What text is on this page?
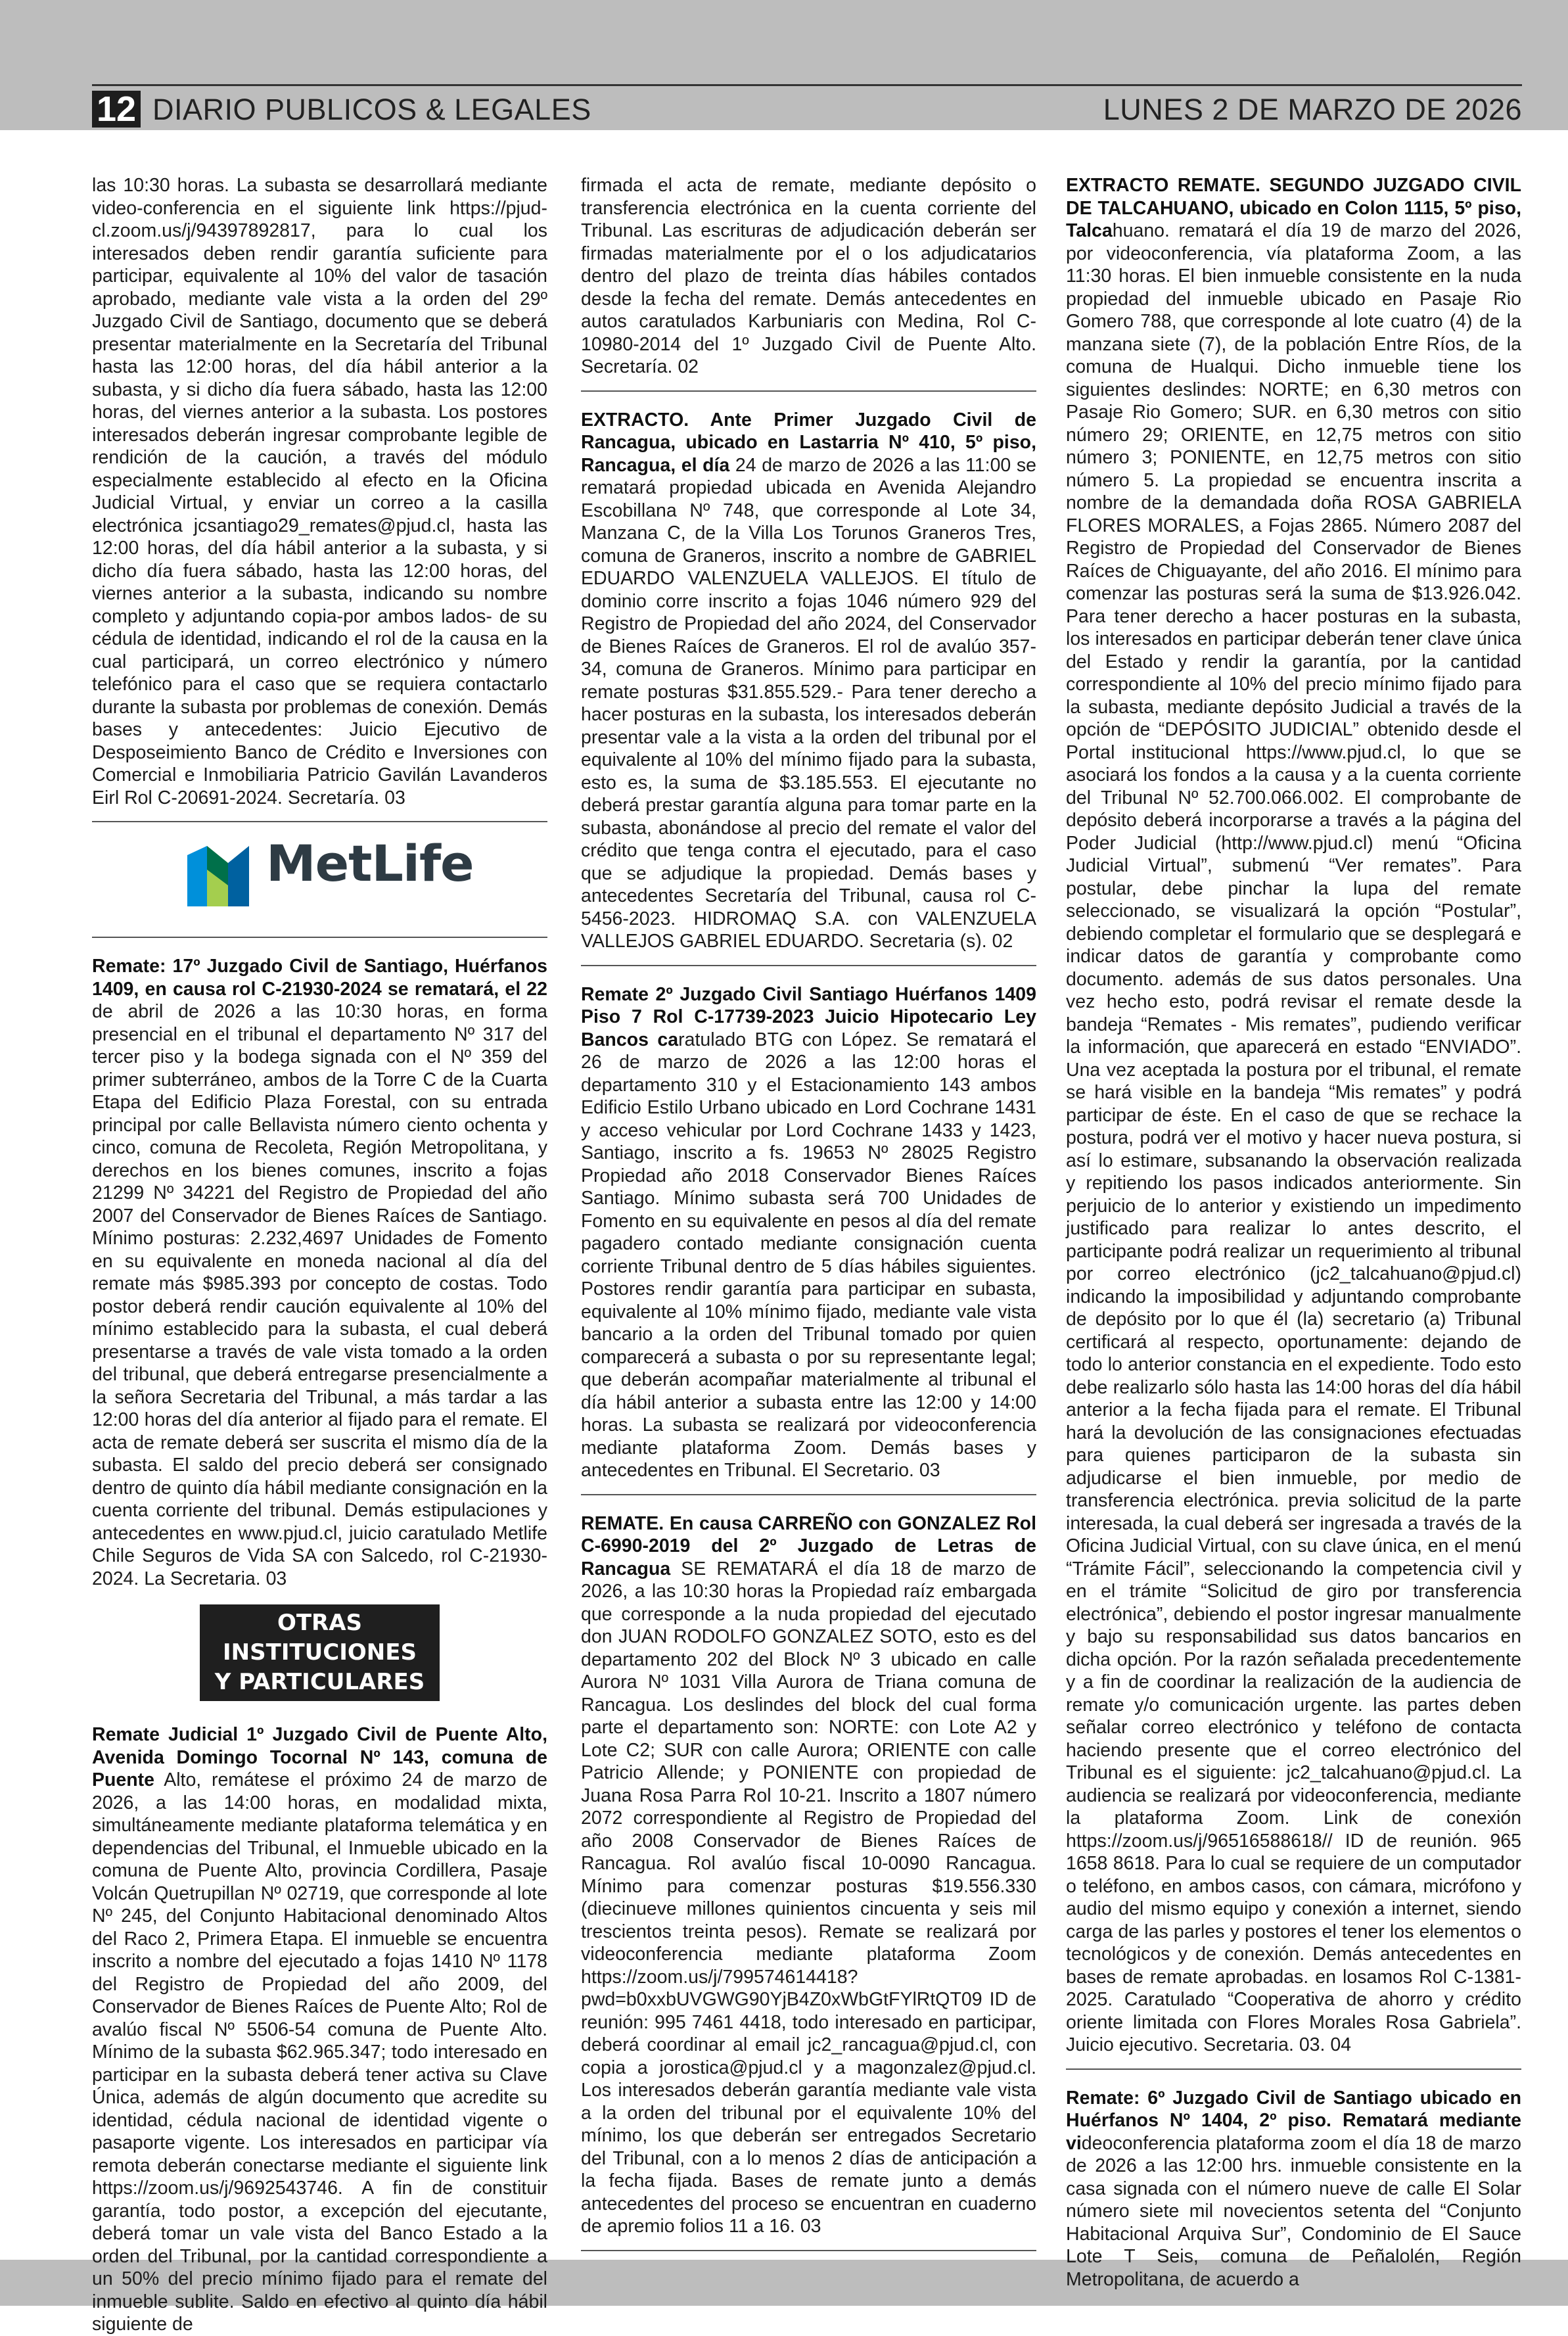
12 DIARIO PUBLICOS & LEGALES	LUNES 2 DE MARZO DE 2026

las 10:30 horas. La subasta se desarrollará mediante video-conferencia en el siguiente link https://pjud-cl.zoom.us/j/94397892817, para lo cual los interesados deben rendir garantía suficiente para participar, equivalente al 10% del valor de tasación aprobado, mediante vale vista a la orden del 29º Juzgado Civil de Santiago, documento que se deberá presentar materialmente en la Secretaría del Tribunal hasta las 12:00 horas, del día hábil anterior a la subasta, y si dicho día fuera sábado, hasta las 12:00 horas, del viernes anterior a la subasta. Los postores interesados deberán ingresar comprobante legible de rendición de la caución, a través del módulo especialmente establecido al efecto en la Oficina Judicial Virtual, y enviar un correo a la casilla electrónica jcsantiago29_remates@pjud.cl, hasta las 12:00 horas, del día hábil anterior a la subasta, y si dicho día fuera sábado, hasta las 12:00 horas, del viernes anterior a la subasta, indicando su nombre completo y adjuntando copia-por ambos lados- de su cédula de identidad, indicando el rol de la causa en la cual participará, un correo electrónico y número telefónico para el caso que se requiera contactarlo durante la subasta por problemas de conexión. Demás bases y antecedentes: Juicio Ejecutivo de Desposeimiento Banco de Crédito e Inversiones con Comercial e Inmobiliaria Patricio Gavilán Lavanderos Eirl Rol C-20691-2024. Secretaría. 03

MetLife

Remate: 17º Juzgado Civil de Santiago, Huérfanos 1409, en causa rol C-21930-2024 se rematará, el 22 de abril de 2026 a las 10:30 horas, en forma presencial en el tribunal el departamento Nº 317 del tercer piso y la bodega signada con el Nº 359 del primer subterráneo, ambos de la Torre C de la Cuarta Etapa del Edificio Plaza Forestal, con su entrada principal por calle Bellavista número ciento ochenta y cinco, comuna de Recoleta, Región Metropolitana, y derechos en los bienes comunes, inscrito a fojas 21299 Nº 34221 del Registro de Propiedad del año 2007 del Conservador de Bienes Raíces de Santiago. Mínimo posturas: 2.232,4697 Unidades de Fomento en su equivalente en moneda nacional al día del remate más $985.393 por concepto de costas. Todo postor deberá rendir caución equivalente al 10% del mínimo establecido para la subasta, el cual deberá presentarse a través de vale vista tomado a la orden del tribunal, que deberá entregarse presencialmente a la señora Secretaria del Tribunal, a más tardar a las 12:00 horas del día anterior al fijado para el remate. El acta de remate deberá ser suscrita el mismo día de la subasta. El saldo del precio deberá ser consignado dentro de quinto día hábil mediante consignación en la cuenta corriente del tribunal. Demás estipulaciones y antecedentes en www.pjud.cl, juicio caratulado Metlife Chile Seguros de Vida SA con Salcedo, rol C-21930-2024. La Secretaria. 03

OTRAS INSTITUCIONES
Y PARTICULARES

Remate Judicial 1º Juzgado Civil de Puente Alto, Avenida Domingo Tocornal Nº 143, comuna de Puente Alto, remátese el próximo 24 de marzo de 2026, a las 14:00 horas, en modalidad mixta, simultáneamente mediante plataforma telemática y en dependencias del Tribunal, el Inmueble ubicado en la comuna de Puente Alto, provincia Cordillera, Pasaje Volcán Quetrupillan Nº 02719, que corresponde al lote Nº 245, del Conjunto Habitacional denominado Altos del Raco 2, Primera Etapa. El inmueble se encuentra inscrito a nombre del ejecutado a fojas 1410 Nº 1178 del Registro de Propiedad del año 2009, del Conservador de Bienes Raíces de Puente Alto; Rol de avalúo fiscal Nº 5506-54 comuna de Puente Alto. Mínimo de la subasta $62.965.347; todo interesado en participar en la subasta deberá tener activa su Clave Única, además de algún documento que acredite su identidad, cédula nacional de identidad vigente o pasaporte vigente. Los interesados en participar vía remota deberán conectarse mediante el siguiente link https://zoom.us/j/9692543746. A fin de constituir garantía, todo postor, a excepción del ejecutante, deberá tomar un vale vista del Banco Estado a la orden del Tribunal, por la cantidad correspondiente a un 50% del precio mínimo fijado para el remate del inmueble sublite. Saldo en efectivo al quinto día hábil siguiente de

firmada el acta de remate, mediante depósito o transferencia electrónica en la cuenta corriente del Tribunal. Las escrituras de adjudicación deberán ser firmadas materialmente por el o los adjudicatarios dentro del plazo de treinta días hábiles contados desde la fecha del remate. Demás antecedentes en autos caratulados Karbuniaris con Medina, Rol C-10980-2014 del 1º Juzgado Civil de Puente Alto. Secretaría. 02

EXTRACTO. Ante Primer Juzgado Civil de Rancagua, ubicado en Lastarria Nº 410, 5º piso, Rancagua, el día 24 de marzo de 2026 a las 11:00 se rematará propiedad ubicada en Avenida Alejandro Escobillana Nº 748, que corresponde al Lote 34, Manzana C, de la Villa Los Torunos Graneros Tres, comuna de Graneros, inscrito a nombre de GABRIEL EDUARDO VALENZUELA VALLEJOS. El título de dominio corre inscrito a fojas 1046 número 929 del Registro de Propiedad del año 2024, del Conservador de Bienes Raíces de Graneros. El rol de avalúo 357- 34, comuna de Graneros. Mínimo para participar en remate posturas $31.855.529.- Para tener derecho a hacer posturas en la subasta, los interesados deberán presentar vale a la vista a la orden del tribunal por el equivalente al 10% del mínimo fijado para la subasta, esto es, la suma de $3.185.553. El ejecutante no deberá prestar garantía alguna para tomar parte en la subasta, abonándose al precio del remate el valor del crédito que tenga contra el ejecutado, para el caso que se adjudique la propiedad. Demás bases y antecedentes Secretaría del Tribunal, causa rol C-5456-2023. HIDROMAQ S.A. con VALENZUELA VALLEJOS GABRIEL EDUARDO. Secretaria (s). 02

Remate 2º Juzgado Civil Santiago Huérfanos 1409 Piso 7 Rol C-17739-2023 Juicio Hipotecario Ley Bancos caratulado BTG con López. Se rematará el 26 de marzo de 2026 a las 12:00 horas el departamento 310 y el Estacionamiento 143 ambos Edificio Estilo Urbano ubicado en Lord Cochrane 1431 y acceso vehicular por Lord Cochrane 1433 y 1423, Santiago, inscrito a fs. 19653 Nº 28025 Registro Propiedad año 2018 Conservador Bienes Raíces Santiago. Mínimo subasta será 700 Unidades de Fomento en su equivalente en pesos al día del remate pagadero contado mediante consignación cuenta corriente Tribunal dentro de 5 días hábiles siguientes. Postores rendir garantía para participar en subasta, equivalente al 10% mínimo fijado, mediante vale vista bancario a la orden del Tribunal tomado por quien comparecerá a subasta o por su representante legal; que deberán acompañar materialmente al tribunal el día hábil anterior a subasta entre las 12:00 y 14:00 horas. La subasta se realizará por videoconferencia mediante plataforma Zoom. Demás bases y antecedentes en Tribunal. El Secretario. 03

REMATE. En causa CARREÑO con GONZALEZ Rol C-6990-2019 del 2º Juzgado de Letras de Rancagua SE REMATARÁ el día 18 de marzo de 2026, a las 10:30 horas la Propiedad raíz embargada que corresponde a la nuda propiedad del ejecutado don JUAN RODOLFO GONZALEZ SOTO, esto es del departamento 202 del Block Nº 3 ubicado en calle Aurora Nº 1031 Villa Aurora de Triana comuna de Rancagua. Los deslindes del block del cual forma parte el departamento son: NORTE: con Lote A2 y Lote C2; SUR con calle Aurora; ORIENTE con calle Patricio Allende; y PONIENTE con propiedad de Juana Rosa Parra Rol 10-21. Inscrito a 1807 número 2072 correspondiente al Registro de Propiedad del año 2008 Conservador de Bienes Raíces de Rancagua. Rol avalúo fiscal 10-0090 Rancagua. Mínimo para comenzar posturas $19.556.330 (diecinueve millones quinientos cincuenta y seis mil trescientos treinta pesos). Remate se realizará por videoconferencia mediante plataforma Zoom https://zoom.us/j/799574614418?pwd=b0xxbUVGWG90YjB4Z0xWbGtFYlRtQT09 ID de reunión: 995 7461 4418, todo interesado en participar, deberá coordinar al email jc2_rancagua@pjud.cl, con copia a jorostica@pjud.cl y a magonzalez@pjud.cl. Los interesados deberán garantía mediante vale vista a la orden del tribunal por el equivalente 10% del mínimo, los que deberán ser entregados Secretario del Tribunal, con a lo menos 2 días de anticipación a la fecha fijada. Bases de remate junto a demás antecedentes del proceso se encuentran en cuaderno de apremio folios 11 a 16. 03

EXTRACTO REMATE. SEGUNDO JUZGADO CIVIL DE TALCAHUANO, ubicado en Colon 1115, 5º piso, Talcahuano. rematará el día 19 de marzo del 2026, por videoconferencia, vía plataforma Zoom, a las 11:30 horas. El bien inmueble consistente en la nuda propiedad del inmueble ubicado en Pasaje Rio Gomero 788, que corresponde al lote cuatro (4) de la manzana siete (7), de la población Entre Ríos, de la comuna de Hualqui. Dicho inmueble tiene los siguientes deslindes: NORTE; en 6,30 metros con Pasaje Rio Gomero; SUR. en 6,30 metros con sitio número 29; ORIENTE, en 12,75 metros con sitio número 3; PONIENTE, en 12,75 metros con sitio número 5. La propiedad se encuentra inscrita a nombre de la demandada doña ROSA GABRIELA FLORES MORALES, a Fojas 2865. Número 2087 del Registro de Propiedad del Conservador de Bienes Raíces de Chiguayante, del año 2016. El mínimo para comenzar las posturas será la suma de $13.926.042. Para tener derecho a hacer posturas en la subasta, los interesados en participar deberán tener clave única del Estado y rendir la garantía, por la cantidad correspondiente al 10% del precio mínimo fijado para la subasta, mediante depósito Judicial a través de la opción de “DEPÓSITO JUDICIAL” obtenido desde el Portal institucional https://www.pjud.cl, lo que se asociará los fondos a la causa y a la cuenta corriente del Tribunal Nº 52.700.066.002. El comprobante de depósito deberá incorporarse a través a la página del Poder Judicial (http://www.pjud.cl) menú “Oficina Judicial Virtual”, submenú “Ver remates”. Para postular, debe pinchar la lupa del remate seleccionado, se visualizará la opción “Postular”, debiendo completar el formulario que se desplegará e indicar datos de garantía y comprobante como documento. además de sus datos personales. Una vez hecho esto, podrá revisar el remate desde la bandeja “Remates - Mis remates”, pudiendo verificar la información, que aparecerá en estado “ENVIADO”. Una vez aceptada la postura por el tribunal, el remate se hará visible en la bandeja “Mis remates” y podrá participar de éste. En el caso de que se rechace la postura, podrá ver el motivo y hacer nueva postura, si así lo estimare, subsanando la observación realizada y repitiendo los pasos indicados anteriormente. Sin perjuicio de lo anterior y existiendo un impedimento justificado para realizar lo antes descrito, el participante podrá realizar un requerimiento al tribunal por correo electrónico (jc2_talcahuano@pjud.cl) indicando la imposibilidad y adjuntando comprobante de depósito por lo que él (la) secretario (a) Tribunal certificará al respecto, oportunamente: dejando de todo lo anterior constancia en el expediente. Todo esto debe realizarlo sólo hasta las 14:00 horas del día hábil anterior a la fecha fijada para el remate. El Tribunal hará la devolución de las consignaciones efectuadas para quienes participaron de la subasta sin adjudicarse el bien inmueble, por medio de transferencia electrónica. previa solicitud de la parte interesada, la cual deberá ser ingresada a través de la Oficina Judicial Virtual, con su clave única, en el menú “Trámite Fácil”, seleccionando la competencia civil y en el trámite “Solicitud de giro por transferencia electrónica”, debiendo el postor ingresar manualmente y bajo su responsabilidad sus datos bancarios en dicha opción. Por la razón señalada precedentemente y a fin de coordinar la realización de la audiencia de remate y/o comunicación urgente. las partes deben señalar correo electrónico y teléfono de contacta haciendo presente que el correo electrónico del Tribunal es el siguiente: jc2_talcahuano@pjud.cl. La audiencia se realizará por videoconferencia, mediante la plataforma Zoom. Link de conexión https://zoom.us/j/96516588618// ID de reunión. 965 1658 8618. Para lo cual se requiere de un computador o teléfono, en ambos casos, con cámara, micrófono y audio del mismo equipo y conexión a internet, siendo carga de las parles y postores el tener los elementos o tecnológicos y de conexión. Demás antecedentes en bases de remate aprobadas. en losamos Rol C-1381-2025. Caratulado “Cooperativa de ahorro y crédito oriente limitada con Flores Morales Rosa Gabriela”. Juicio ejecutivo. Secretaria. 03. 04

Remate: 6º Juzgado Civil de Santiago ubicado en Huérfanos Nº 1404, 2º piso. Rematará mediante videoconferencia plataforma zoom el día 18 de marzo de 2026 a las 12:00 hrs. inmueble consistente en la casa signada con el número nueve de calle El Solar número siete mil novecientos setenta del “Conjunto Habitacional Arquiva Sur”, Condominio de El Sauce Lote T Seis, comuna de Peñalolén, Región Metropolitana, de acuerdo a
